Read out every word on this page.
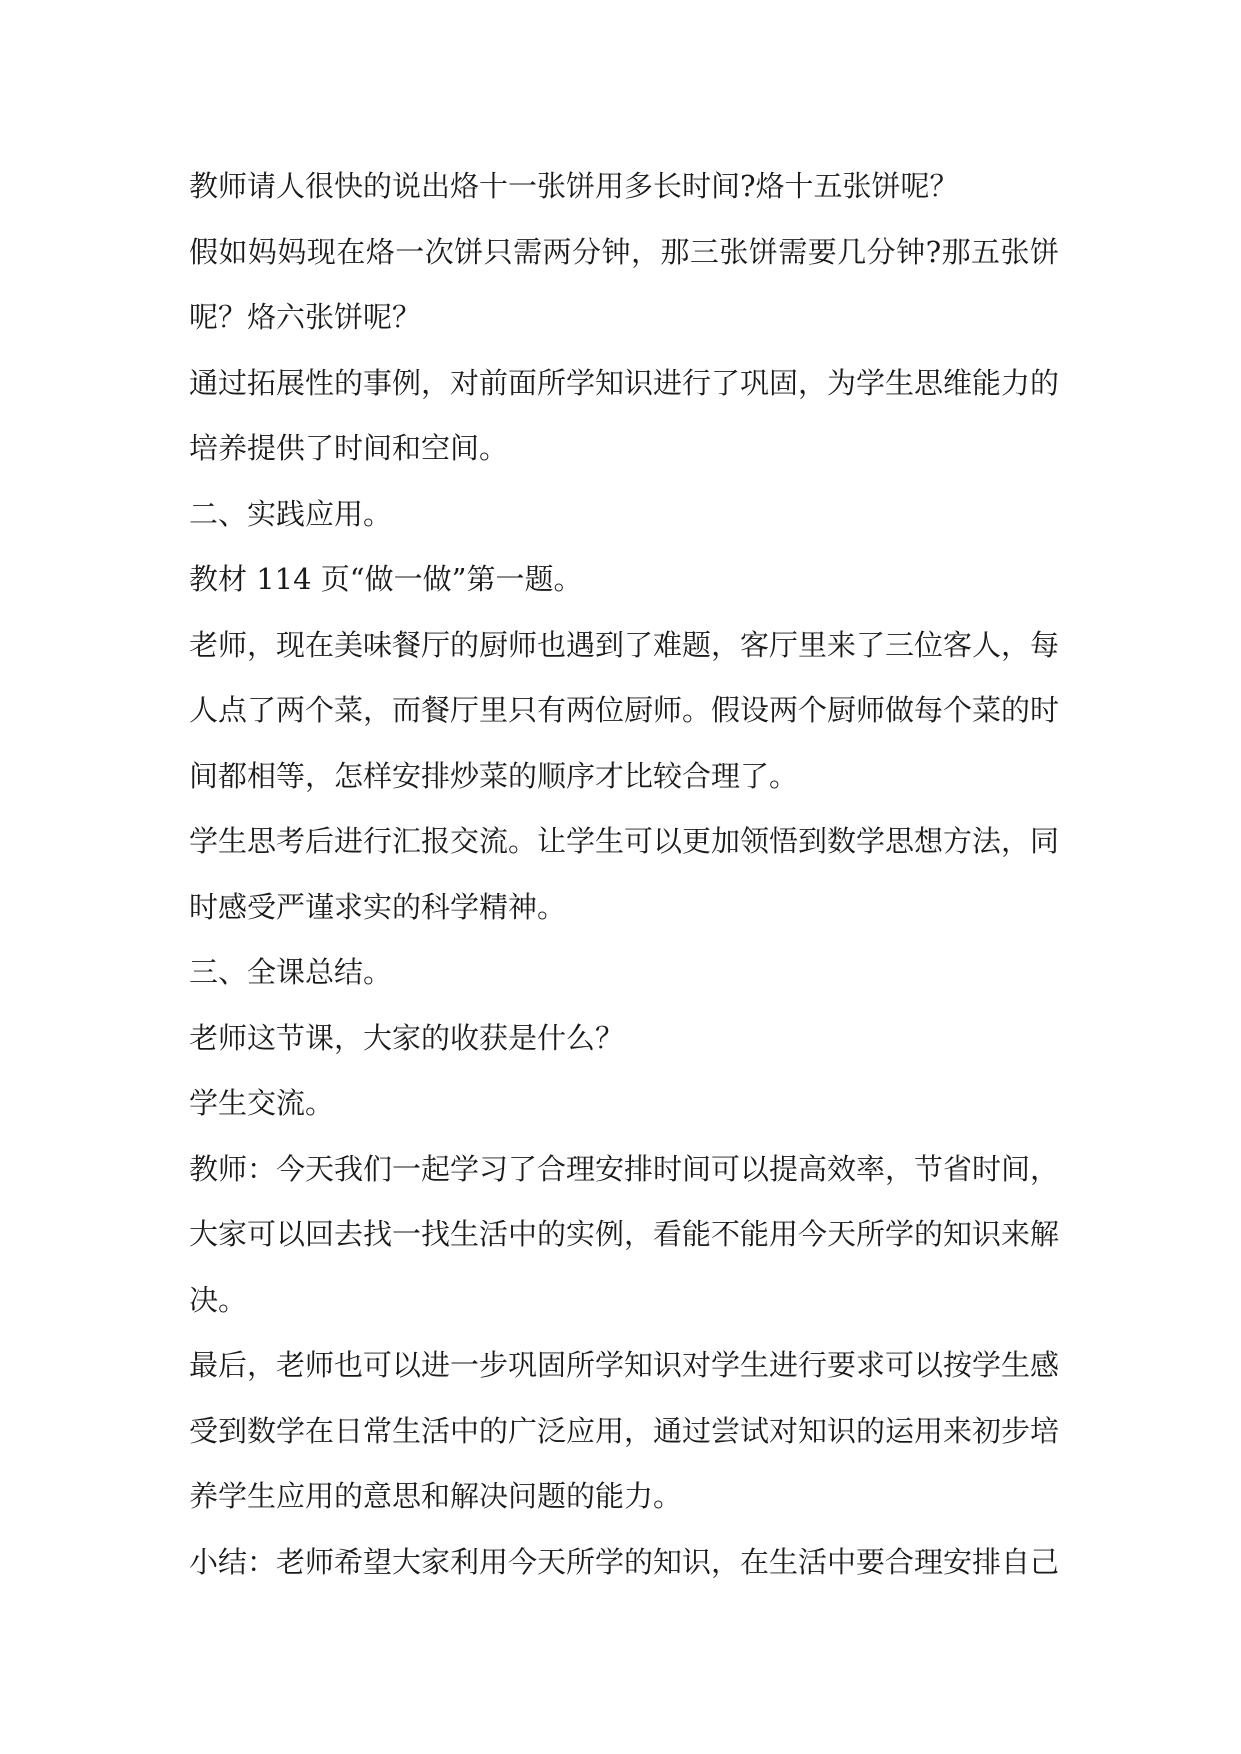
教师请人很快的说出烙十一张饼用多长时间?烙十五张饼呢？

假如妈妈现在烙一次饼只需两分钟，那三张饼需要几分钟?那五张饼呢？烙六张饼呢？

通过拓展性的事例，对前面所学知识进行了巩固，为学生思维能力的培养提供了时间和空间。

二、实践应用。

教材 114 页“做一做”第一题。

老师，现在美味餐厅的厨师也遇到了难题，客厅里来了三位客人，每人点了两个菜，而餐厅里只有两位厨师。假设两个厨师做每个菜的时间都相等，怎样安排炒菜的顺序才比较合理了。

学生思考后进行汇报交流。让学生可以更加领悟到数学思想方法，同时感受严谨求实的科学精神。

三、全课总结。

老师这节课，大家的收获是什么？

学生交流。

教师：今天我们一起学习了合理安排时间可以提高效率，节省时间，大家可以回去找一找生活中的实例，看能不能用今天所学的知识来解决。

最后，老师也可以进一步巩固所学知识对学生进行要求可以按学生感受到数学在日常生活中的广泛应用，通过尝试对知识的运用来初步培养学生应用的意思和解决问题的能力。

小结：老师希望大家利用今天所学的知识，在生活中要合理安排自己
